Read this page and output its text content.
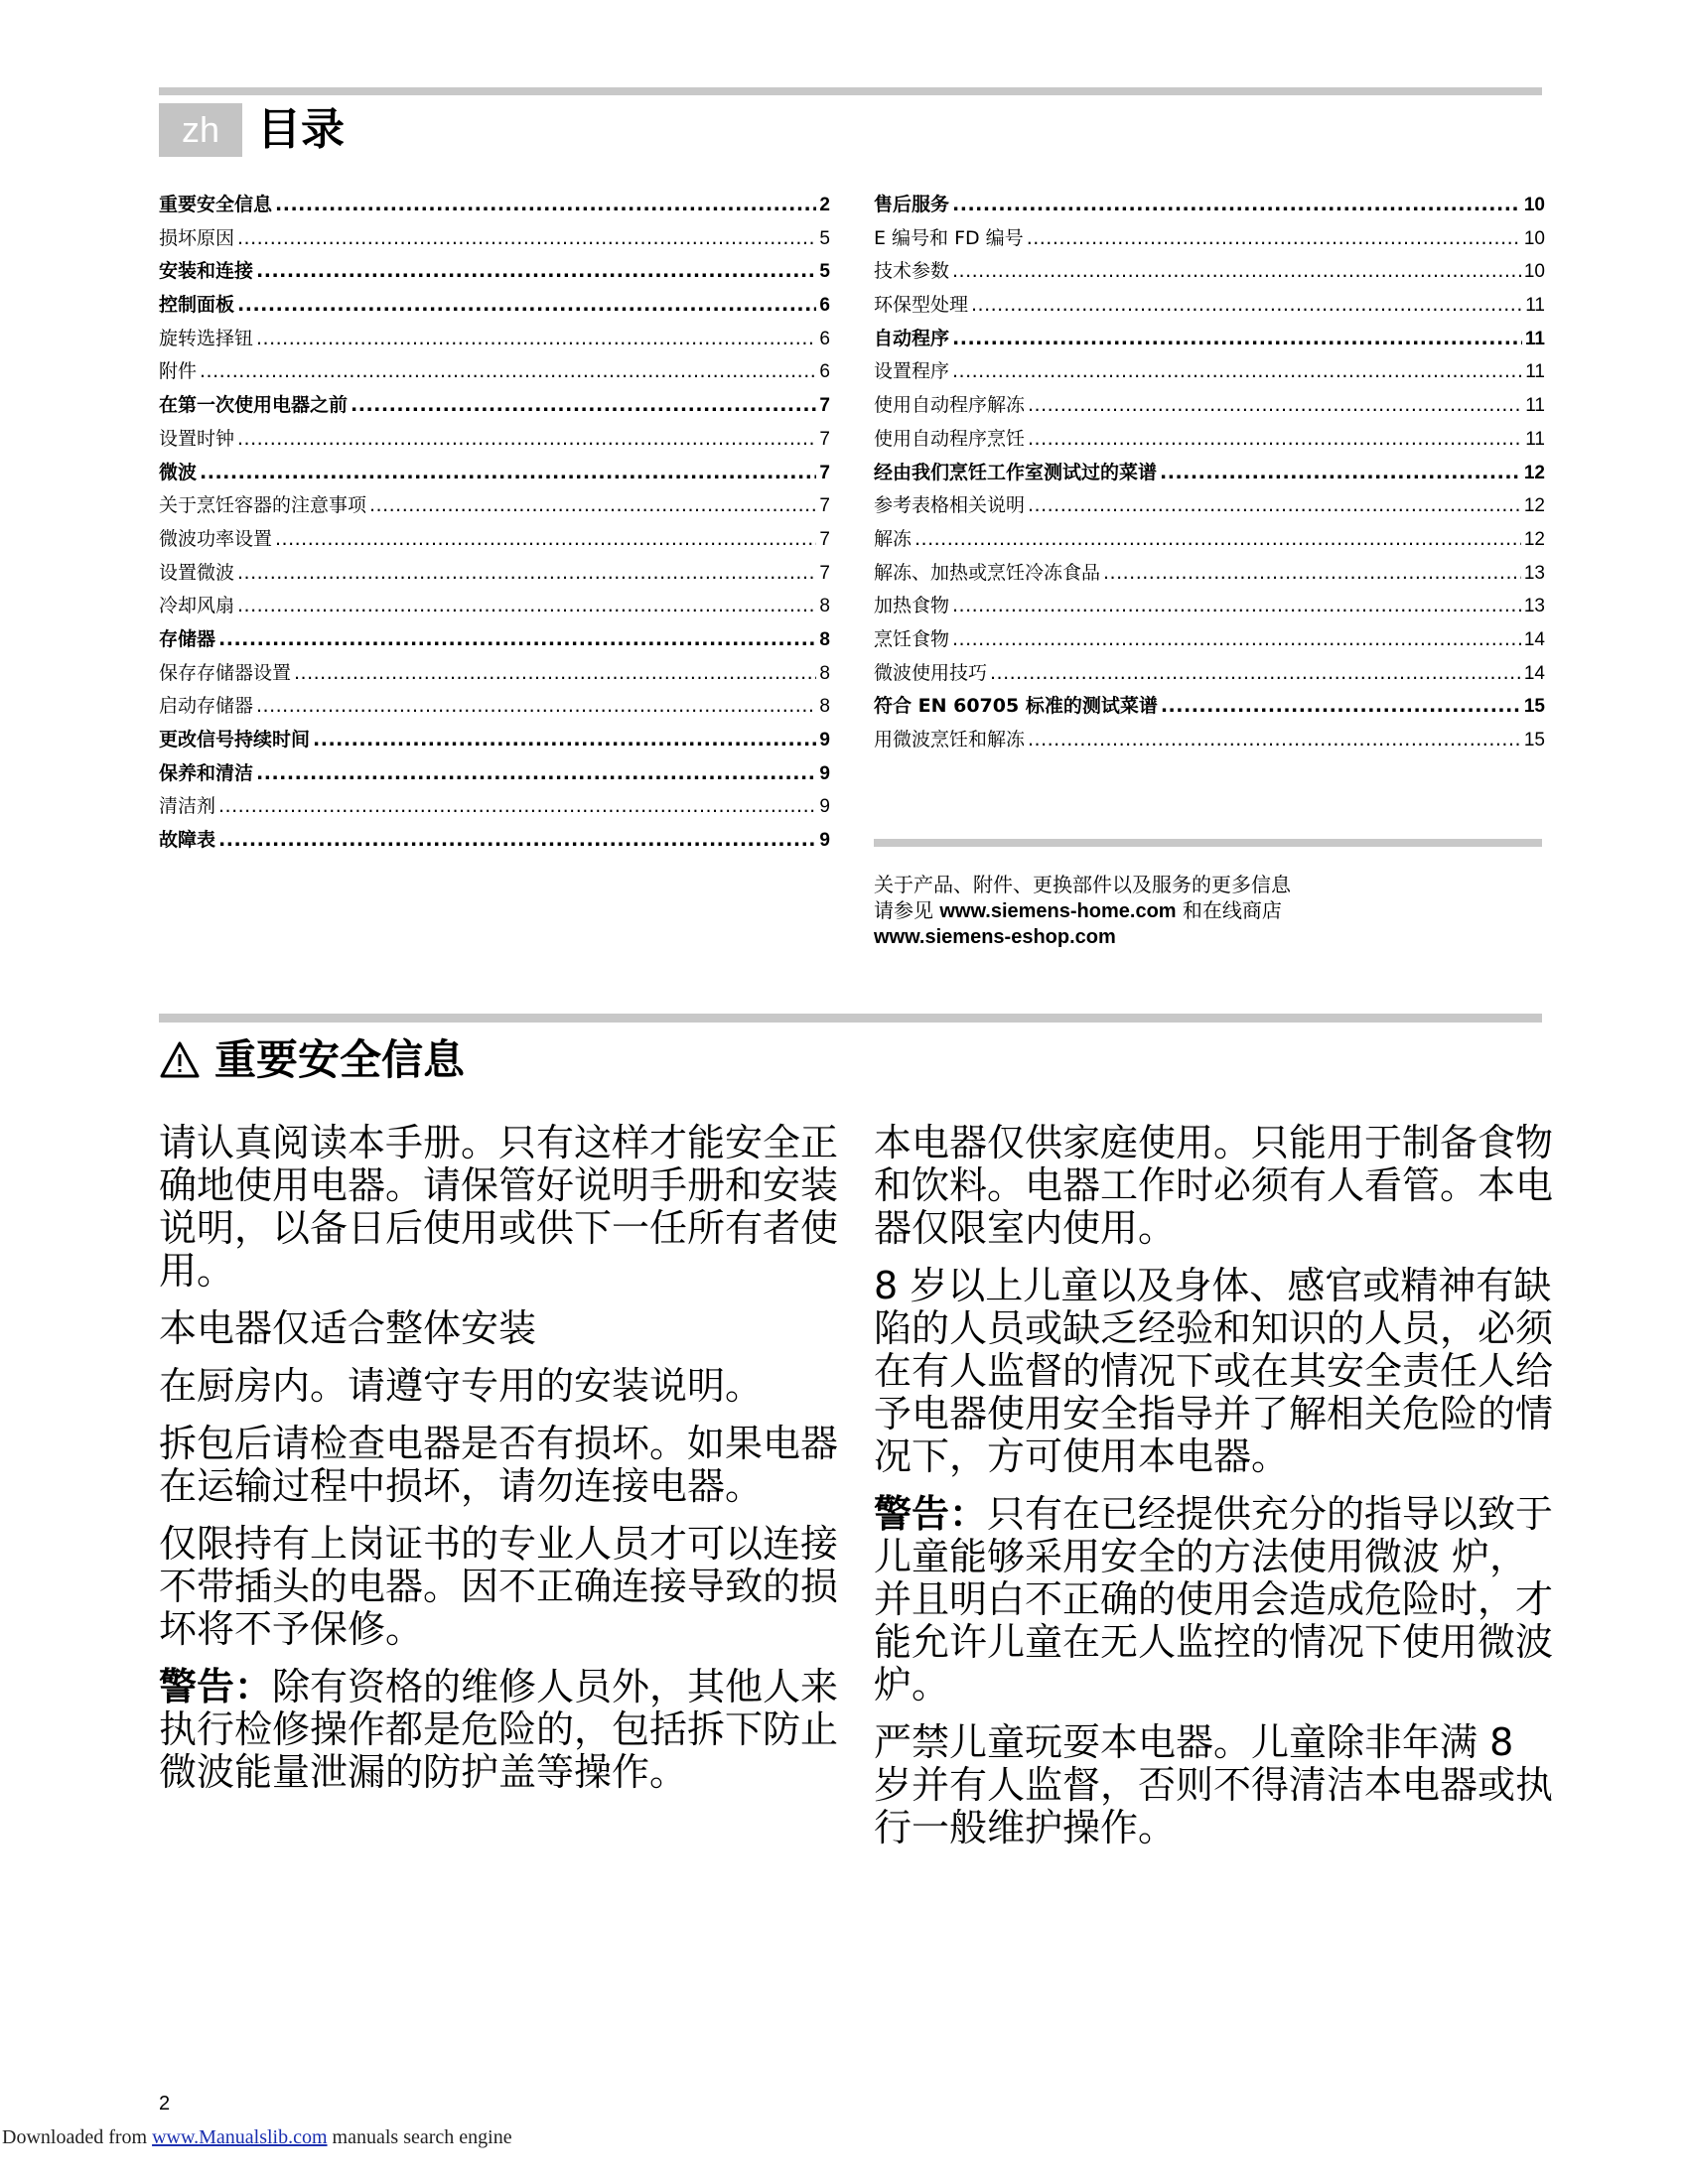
zh 目录
重要安全信息 .....	2
损坏原因 .....	5
安装和连接 .....	5
控制面板 .....	6
旋转选择钮 .....	6
附件 .....	6
在第一次使用电器之前 .....	7
设置时钟 .....	7
微波 .....	7
关于烹饪容器的注意事项 .....	7
微波功率设置 .....	7
设置微波 .....	7
冷却风扇 .....	8
存储器 .....	8
保存存储器设置 .....	8
启动存储器 .....	8
更改信号持续时间 .....	9
保养和清洁 .....	9
清洁剂 .....	9
故障表 .....	9
售后服务 .....	10
E 编号和 FD 编号 .....	10
技术参数 .....	10
环保型处理 .....	11
自动程序 .....	11
设置程序 .....	11
使用自动程序解冻 .....	11
使用自动程序烹饪 .....	11
经由我们烹饪工作室测试过的菜谱 .....	12
参考表格相关说明 .....	12
解冻 .....	12
解冻、加热或烹饪冷冻食品 .....	13
加热食物 .....	13
烹饪食物 .....	14
微波使用技巧 .....	14
符合 EN 60705 标准的测试菜谱 .....	15
用微波烹饪和解冻 .....	15
关于产品、附件、更换部件以及服务的更多信息
请参见 www.siemens-home.com 和在线商店
www.siemens-eshop.com
重要安全信息

请认真阅读本手册。只有这样才能安全正确地使用电器。请保管好说明手册和安装说明，以备日后使用或供下一任所有者使用。

本电器仅适合整体安装

在厨房内。请遵守专用的安装说明。

拆包后请检查电器是否有损坏。如果电器在运输过程中损坏，请勿连接电器。

仅限持有上岗证书的专业人员才可以连接不带插头的电器。因不正确连接导致的损坏将不予保修。

警告：除有资格的维修人员外，其他人来执行检修操作都是危险的，包括拆下防止微波能量泄漏的防护盖等操作。

本电器仅供家庭使用。只能用于制备食物和饮料。电器工作时必须有人看管。本电器仅限室内使用。

8 岁以上儿童以及身体、感官或精神有缺陷的人员或缺乏经验和知识的人员，必须在有人监督的情况下或在其安全责任人给予电器使用安全指导并了解相关危险的情况下，方可使用本电器。

警告：只有在已经提供充分的指导以致于儿童能够采用安全的方法使用微波 炉，并且明白不正确的使用会造成危险时，才能允许儿童在无人监控的情况下使用微波炉。

严禁儿童玩耍本电器。儿童除非年满 8 岁并有人监督，否则不得清洁本电器或执行一般维护操作。

2
Downloaded from www.Manualslib.com manuals search engine
